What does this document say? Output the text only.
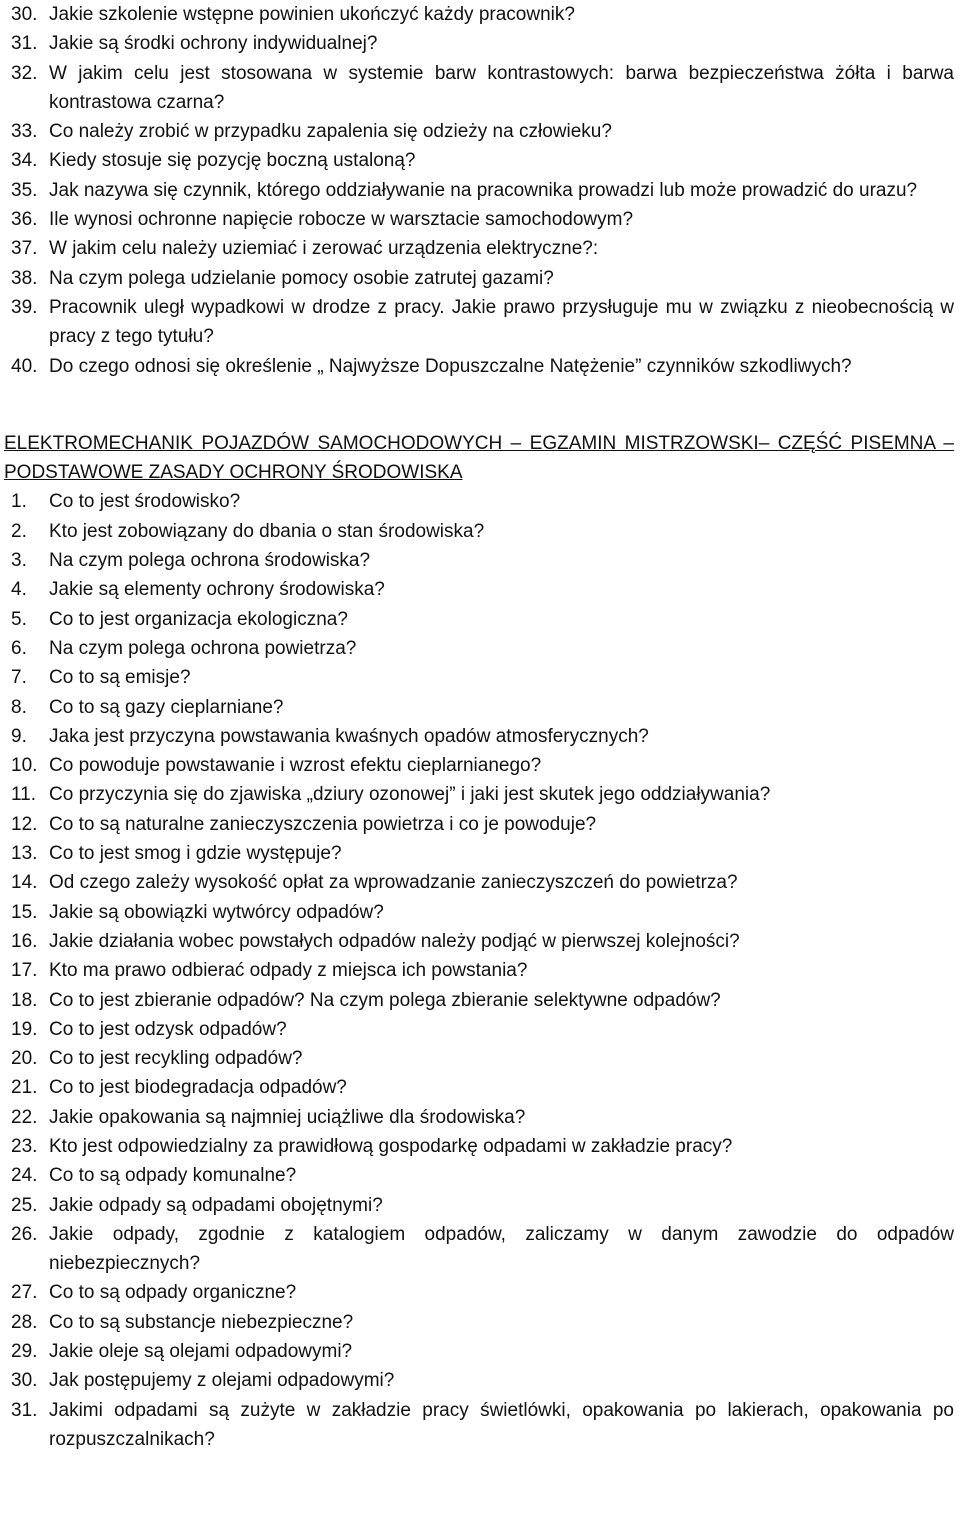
30. Jakie szkolenie wstępne powinien ukończyć każdy pracownik?
31. Jakie są środki ochrony indywidualnej?
32. W jakim celu jest stosowana w systemie barw kontrastowych: barwa bezpieczeństwa żółta i barwa kontrastowa czarna?
33. Co należy zrobić w przypadku zapalenia się odzieży na człowieku?
34. Kiedy stosuje się pozycję boczną ustaloną?
35. Jak nazywa się czynnik, którego oddziaływanie na pracownika prowadzi lub może prowadzić do urazu?
36. Ile wynosi ochronne napięcie robocze w warsztacie samochodowym?
37. W jakim celu należy uziemiać i zerować urządzenia elektryczne?:
38. Na czym polega udzielanie pomocy osobie zatrutej gazami?
39. Pracownik uległ wypadkowi w drodze z pracy. Jakie prawo przysługuje mu w związku z nieobecnością w pracy z tego tytułu?
40. Do czego odnosi się określenie „ Najwyższe Dopuszczalne Natężenie” czynników szkodliwych?
ELEKTROMECHANIK POJAZDÓW SAMOCHODOWYCH – EGZAMIN MISTRZOWSKI– CZĘŚĆ PISEMNA –PODSTAWOWE ZASADY OCHRONY ŚRODOWISKA
1. Co to jest środowisko?
2. Kto jest zobowiązany do dbania o stan środowiska?
3. Na czym polega ochrona środowiska?
4. Jakie są elementy ochrony środowiska?
5. Co to jest organizacja ekologiczna?
6. Na czym polega ochrona powietrza?
7. Co to są emisje?
8. Co to są gazy cieplarniane?
9. Jaka jest przyczyna powstawania kwaśnych opadów atmosferycznych?
10. Co powoduje powstawanie i wzrost efektu cieplarnianego?
11. Co przyczynia się do zjawiska „dziury ozonowej” i jaki jest skutek jego oddziaływania?
12. Co to są naturalne zanieczyszczenia powietrza i co je powoduje?
13. Co to jest smog i gdzie występuje?
14. Od czego zależy wysokość opłat za wprowadzanie zanieczyszczeń do powietrza?
15. Jakie są obowiązki wytwórcy odpadów?
16. Jakie działania wobec powstałych odpadów należy podjąć w pierwszej kolejności?
17. Kto ma prawo odbierać odpady z miejsca ich powstania?
18. Co to jest zbieranie odpadów? Na czym polega zbieranie selektywne odpadów?
19. Co to jest odzysk odpadów?
20. Co to jest recykling odpadów?
21. Co to jest biodegradacja odpadów?
22. Jakie opakowania są najmniej uciążliwe dla środowiska?
23. Kto jest odpowiedzialny za prawidłową gospodarkę odpadami w zakładzie pracy?
24. Co to są odpady komunalne?
25. Jakie odpady są odpadami obojętnymi?
26. Jakie odpady, zgodnie z katalogiem odpadów, zaliczamy w danym zawodzie do odpadów niebezpiecznych?
27. Co to są odpady organiczne?
28. Co to są substancje niebezpieczne?
29. Jakie oleje są olejami odpadowymi?
30. Jak postępujemy z olejami odpadowymi?
31. Jakimi odpadami są zużyte w zakładzie pracy świetlówki, opakowania po lakierach, opakowania po rozpuszczalnikach?
